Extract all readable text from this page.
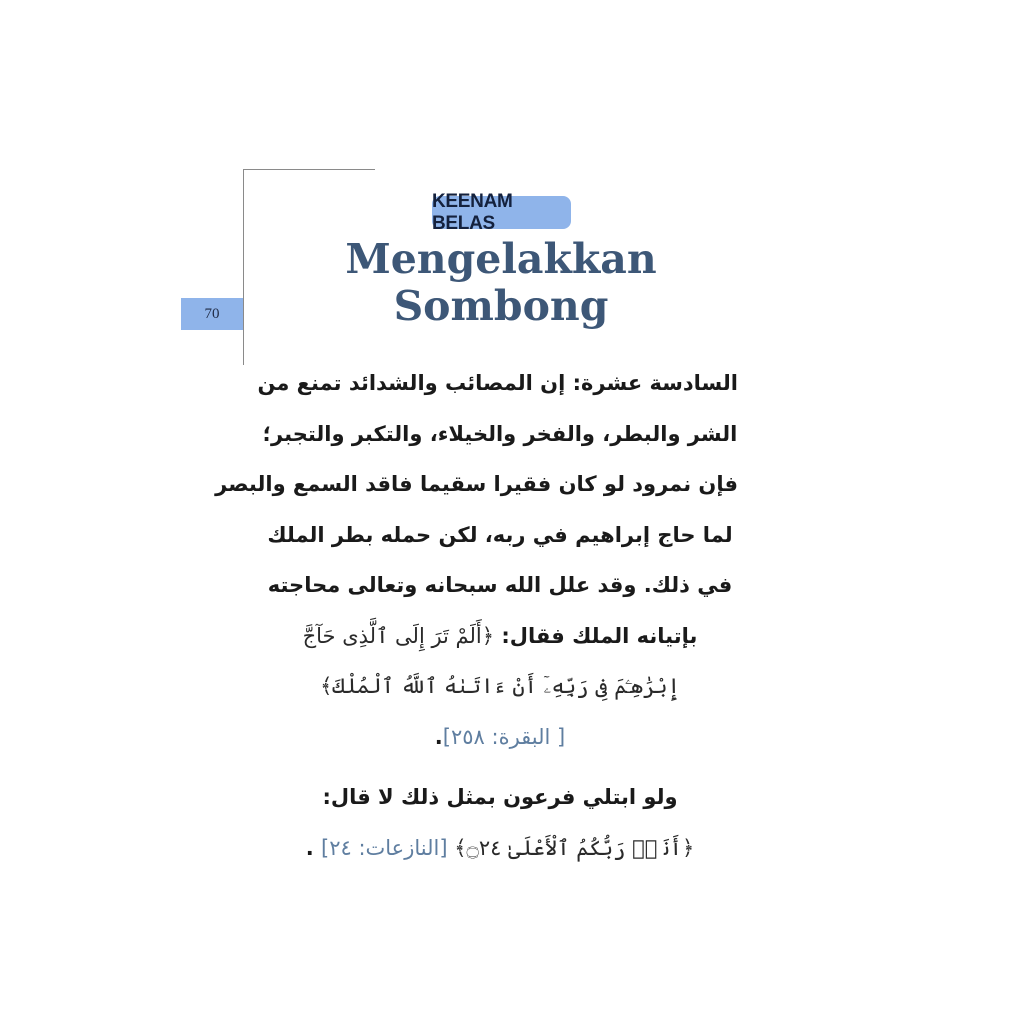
70
KEENAM BELAS
Mengelakkan
Sombong
السادسة عشرة: إن المصائب والشدائد تمنع من
الشر والبطر، والفخر والخيلاء، والتكبر والتجبر؛
فإن نمرود لو كان فقيرا سقيما فاقد السمع والبصر
لما حاج إبراهيم في ربه، لكن حمله بطر الملك
في ذلك. وقد علل الله سبحانه وتعالى محاجته
بإتيانه الملك فقال: ﴿أَلَمْ تَرَ إِلَى ٱلَّذِى حَآجَّ
إِبْرَٰهِـۧمَ فِى رَبِّهِۦٓ أَنْ ءَاتَىٰهُ ٱللَّهُ ٱلْمُلْكَ﴾
[ البقرة: ٢٥٨].
ولو ابتلي فرعون بمثل ذلك لا قال:
﴿أَنَا۠ رَبُّكُمُ ٱلْأَعْلَىٰ ۝٢٤﴾ [النازعات: ٢٤] .
